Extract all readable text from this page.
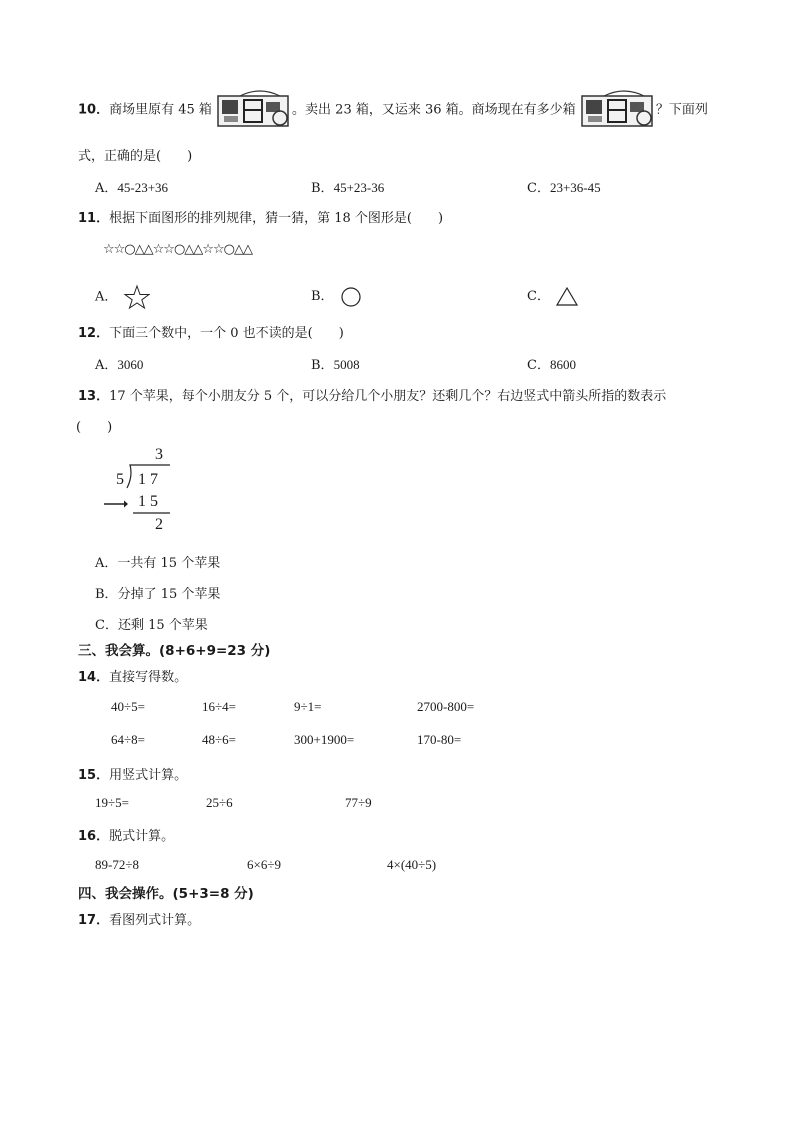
10．商场里原有 45 箱	。卖出 23 箱，又运来 36 箱。商场现在有多少箱	？下面列
式，正确的是(　　)
A．45-23+36	B．45+23-36	C．23+36-45
11．根据下面图形的排列规律，猜一猜，第 18 个图形是(　　)
☆☆○△△☆☆○△△☆☆○△△
A．	B．	C．
12．下面三个数中，一个 0 也不读的是(　　)
A．3060	B．5008	C．8600
13．17 个苹果，每个小朋友分 5 个，可以分给几个小朋友？还剩几个？右边竖式中箭头所指的数表示
(　　)
3
5 1 7
1 5
2
A．一共有 15 个苹果
B．分掉了 15 个苹果
C．还剩 15 个苹果
三、我会算。(8+6+9=23 分)
14．直接写得数。
40÷5=	16÷4=	9÷1=	2700-800=
64÷8=	48÷6=	300+1900=	170-80=
15．用竖式计算。
19÷5=	25÷6	77÷9
16．脱式计算。
89-72÷8	6×6÷9	4×(40÷5)
四、我会操作。(5+3=8 分)
17．看图列式计算。
